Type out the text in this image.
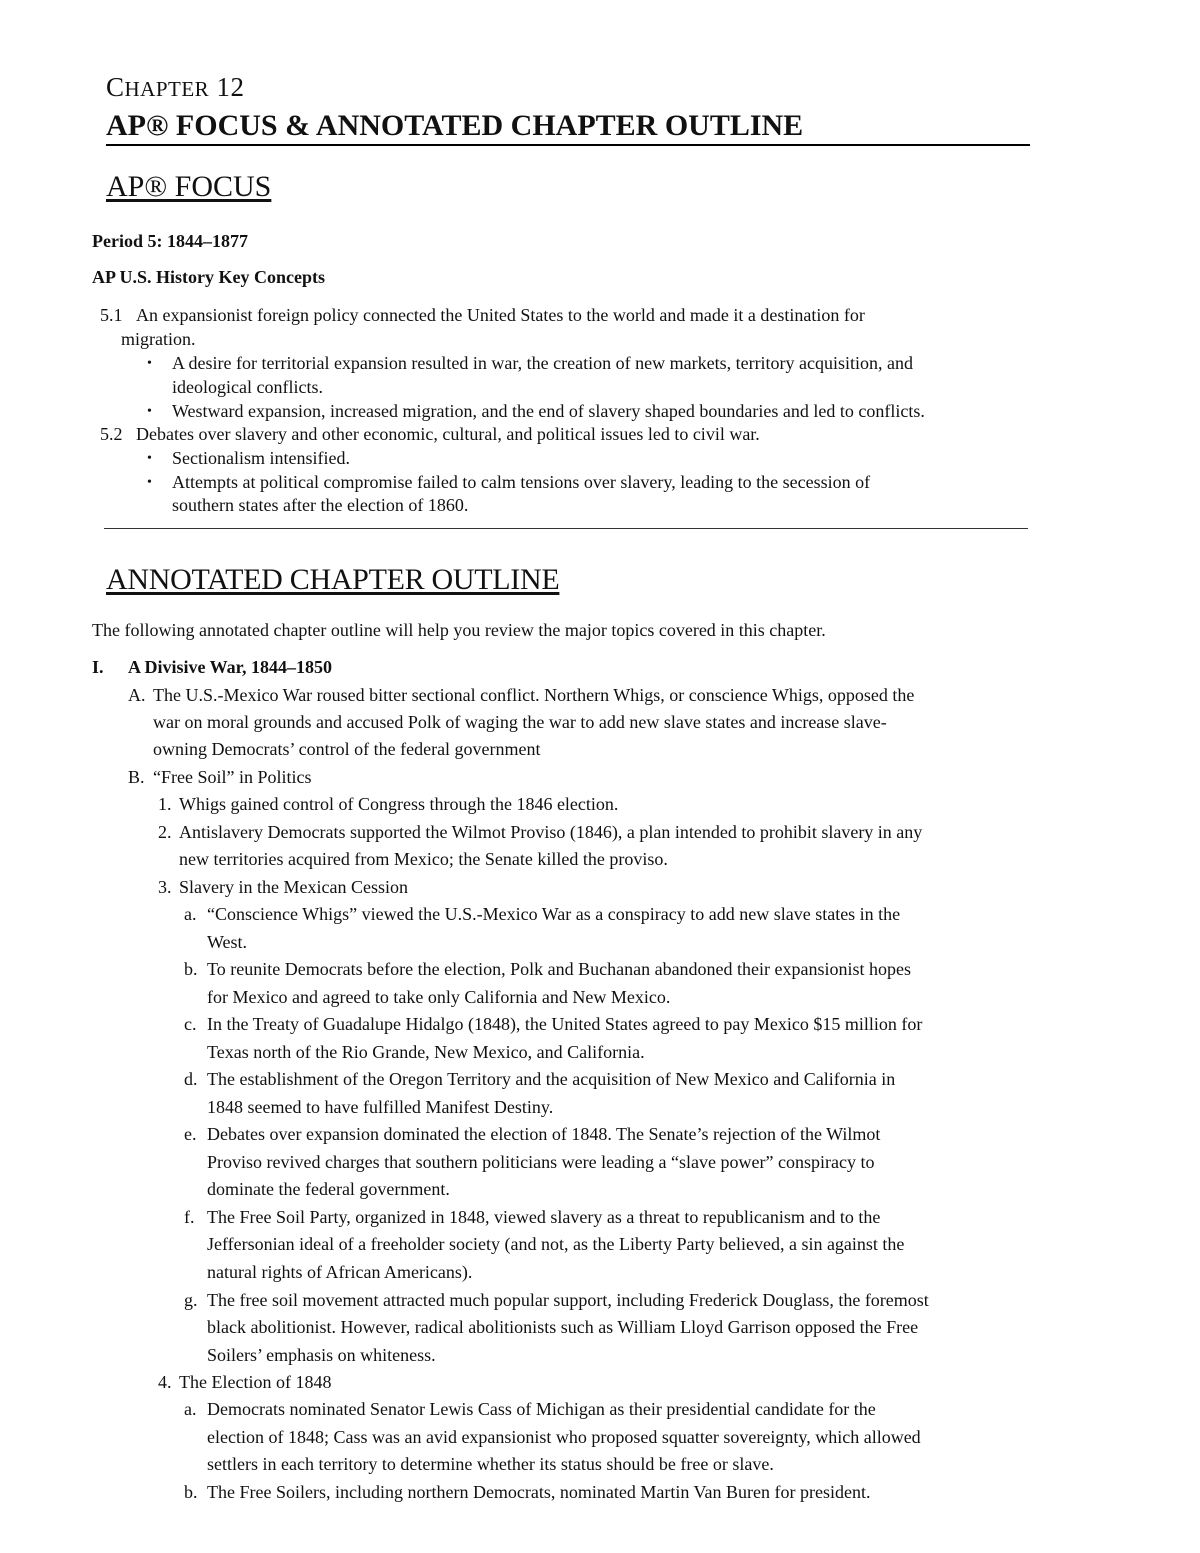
CHAPTER 12
AP® FOCUS & ANNOTATED CHAPTER OUTLINE
AP® FOCUS
Period 5: 1844–1877
AP U.S. History Key Concepts
5.1 An expansionist foreign policy connected the United States to the world and made it a destination for
migration.
• A desire for territorial expansion resulted in war, the creation of new markets, territory acquisition, and
ideological conflicts.
• Westward expansion, increased migration, and the end of slavery shaped boundaries and led to conflicts.
5.2 Debates over slavery and other economic, cultural, and political issues led to civil war.
• Sectionalism intensified.
• Attempts at political compromise failed to calm tensions over slavery, leading to the secession of
southern states after the election of 1860.
ANNOTATED CHAPTER OUTLINE
The following annotated chapter outline will help you review the major topics covered in this chapter.
I. A Divisive War, 1844–1850
A. The U.S.-Mexico War roused bitter sectional conflict. Northern Whigs, or conscience Whigs, opposed the
war on moral grounds and accused Polk of waging the war to add new slave states and increase slave-
owning Democrats’ control of the federal government
B. “Free Soil” in Politics
1. Whigs gained control of Congress through the 1846 election.
2. Antislavery Democrats supported the Wilmot Proviso (1846), a plan intended to prohibit slavery in any
new territories acquired from Mexico; the Senate killed the proviso.
3. Slavery in the Mexican Cession
a. “Conscience Whigs” viewed the U.S.-Mexico War as a conspiracy to add new slave states in the
West.
b. To reunite Democrats before the election, Polk and Buchanan abandoned their expansionist hopes
for Mexico and agreed to take only California and New Mexico.
c. In the Treaty of Guadalupe Hidalgo (1848), the United States agreed to pay Mexico $15 million for
Texas north of the Rio Grande, New Mexico, and California.
d. The establishment of the Oregon Territory and the acquisition of New Mexico and California in
1848 seemed to have fulfilled Manifest Destiny.
e. Debates over expansion dominated the election of 1848. The Senate’s rejection of the Wilmot
Proviso revived charges that southern politicians were leading a “slave power” conspiracy to
dominate the federal government.
f. The Free Soil Party, organized in 1848, viewed slavery as a threat to republicanism and to the
Jeffersonian ideal of a freeholder society (and not, as the Liberty Party believed, a sin against the
natural rights of African Americans).
g. The free soil movement attracted much popular support, including Frederick Douglass, the foremost
black abolitionist. However, radical abolitionists such as William Lloyd Garrison opposed the Free
Soilers’ emphasis on whiteness.
4. The Election of 1848
a. Democrats nominated Senator Lewis Cass of Michigan as their presidential candidate for the
election of 1848; Cass was an avid expansionist who proposed squatter sovereignty, which allowed
settlers in each territory to determine whether its status should be free or slave.
b. The Free Soilers, including northern Democrats, nominated Martin Van Buren for president.
